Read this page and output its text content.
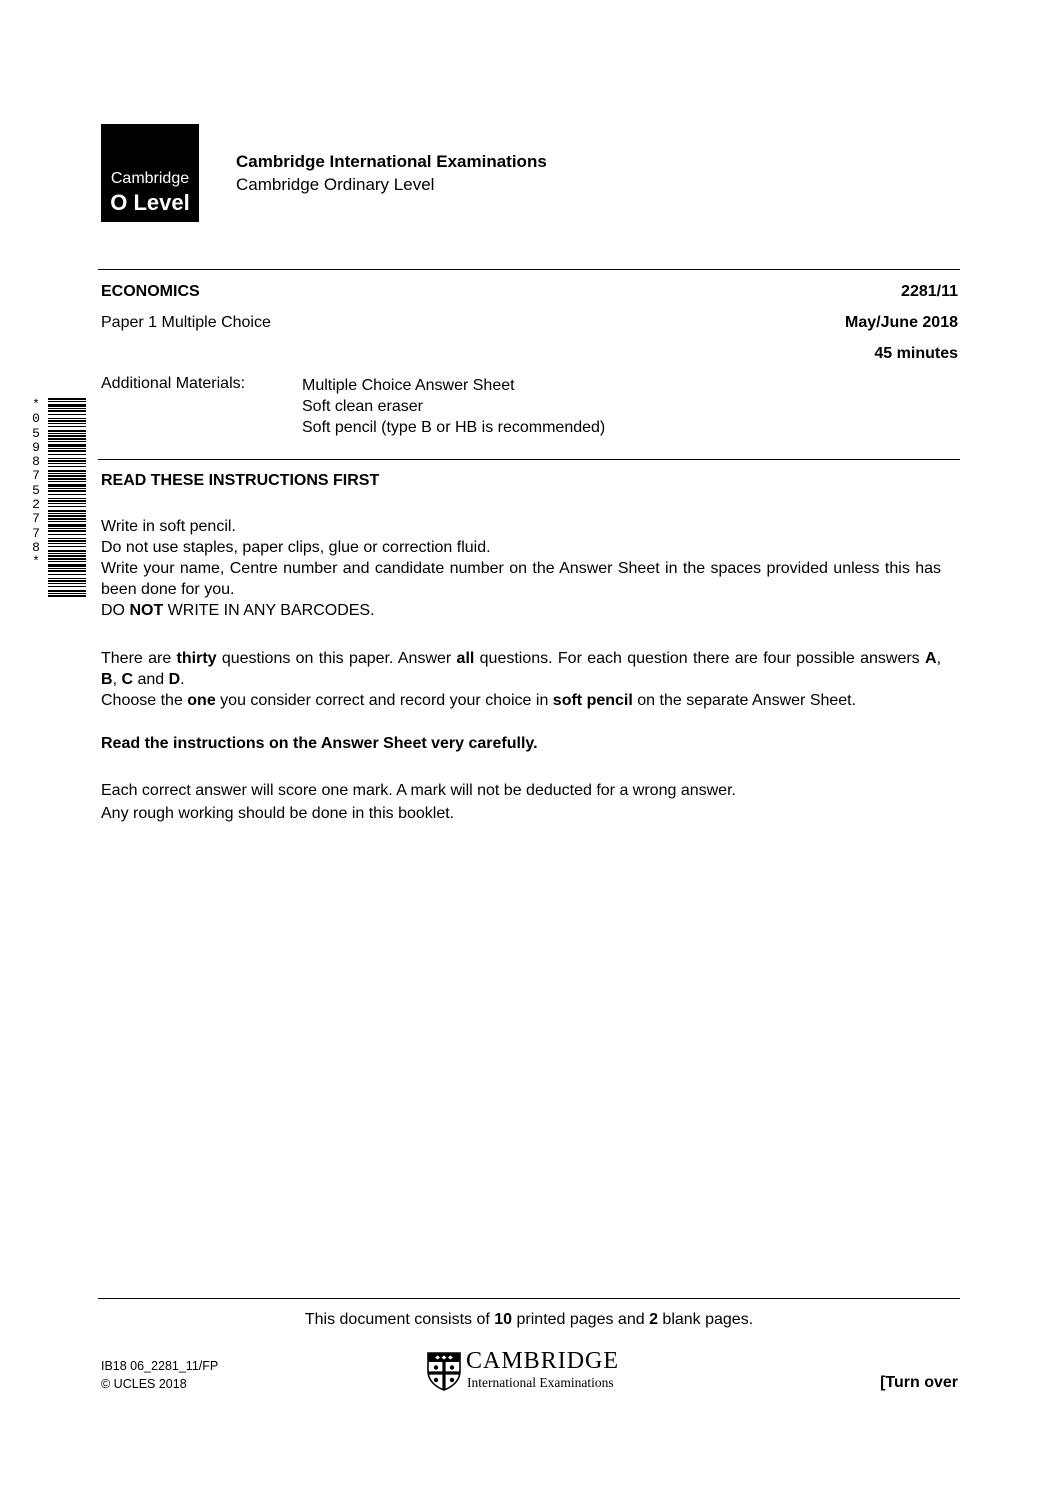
Cambridge
O Level
Cambridge International Examinations
Cambridge Ordinary Level
ECONOMICS	2281/11
Paper 1 Multiple Choice	May/June 2018
45 minutes
Additional Materials:	Multiple Choice Answer Sheet
Soft clean eraser
Soft pencil (type B or HB is recommended)
*
0
5
9
8
7
5
2
7
7
8
*
READ THESE INSTRUCTIONS FIRST

Write in soft pencil.

Do not use staples, paper clips, glue or correction fluid.

Write your name, Centre number and candidate number on the Answer Sheet in the spaces provided unless this has been done for you.

DO NOT WRITE IN ANY BARCODES.

There are thirty questions on this paper. Answer all questions. For each question there are four possible answers A, B, C and D.

Choose the one you consider correct and record your choice in soft pencil on the separate Answer Sheet.

Read the instructions on the Answer Sheet very carefully.

Each correct answer will score one mark. A mark will not be deducted for a wrong answer.

Any rough working should be done in this booklet.

This document consists of 10 printed pages and 2 blank pages.
IB18 06_2281_11/FP
© UCLES 2018
CAMBRIDGE
International Examinations	[Turn over
